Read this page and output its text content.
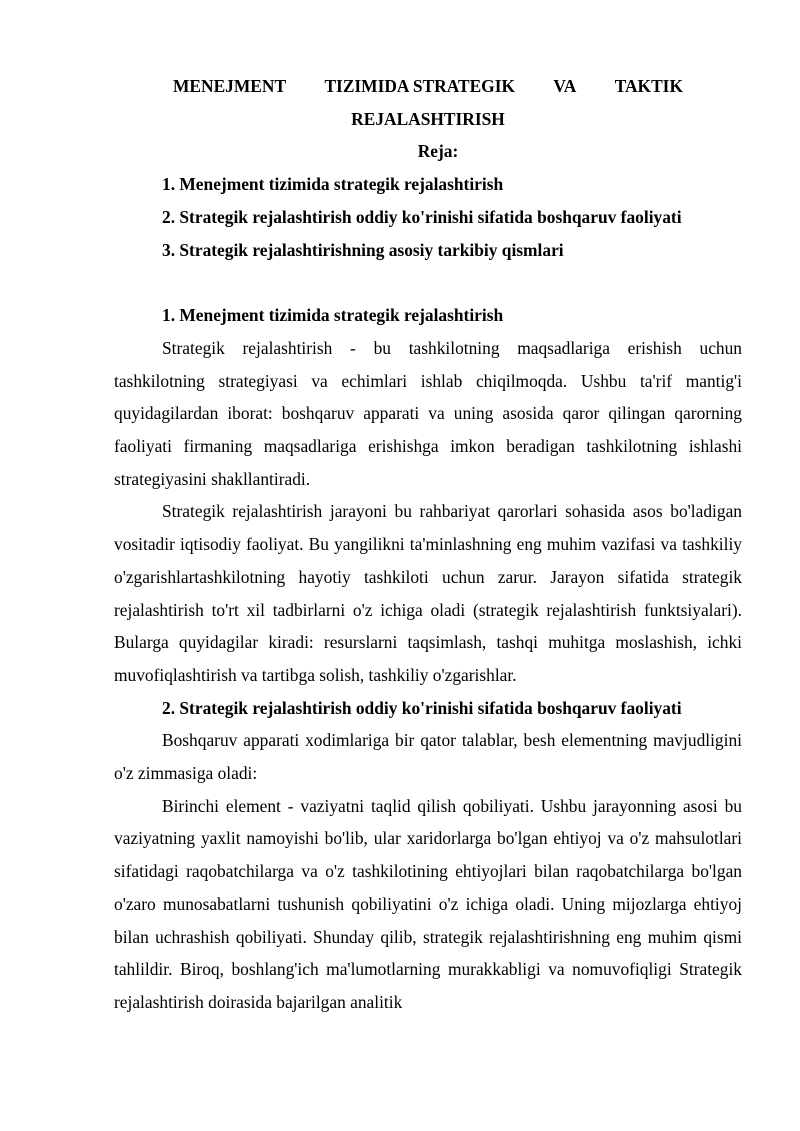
MENEJMENT TIZIMIDA STRATEGIK VA TAKTIK
REJALASHTIRISH

Reja:

1. Menejment tizimida strategik rejalashtirish
2. Strategik rejalashtirish oddiy ko'rinishi sifatida boshqaruv faoliyati
3. Strategik rejalashtirishning asosiy tarkibiy qismlari

1. Menejment tizimida strategik rejalashtirish

Strategik rejalashtirish - bu tashkilotning maqsadlariga erishish uchun tashkilotning strategiyasi va echimlari ishlab chiqilmoqda. Ushbu ta'rif mantig'i quyidagilardan iborat: boshqaruv apparati va uning asosida qaror qilingan qarorning faoliyati firmaning maqsadlariga erishishga imkon beradigan tashkilotning ishlashi strategiyasini shakllantiradi.

Strategik rejalashtirish jarayoni bu rahbariyat qarorlari sohasida asos bo'ladigan vositadir iqtisodiy faoliyat. Bu yangilikni ta'minlashning eng muhim vazifasi va tashkiliy o'zgarishlartashkilotning hayotiy tashkiloti uchun zarur. Jarayon sifatida strategik rejalashtirish to'rt xil tadbirlarni o'z ichiga oladi (strategik rejalashtirish funktsiyalari). Bularga quyidagilar kiradi: resurslarni taqsimlash, tashqi muhitga moslashish, ichki muvofiqlashtirish va tartibga solish, tashkiliy o'zgarishlar.

2. Strategik rejalashtirish oddiy ko'rinishi sifatida boshqaruv faoliyati

Boshqaruv apparati xodimlariga bir qator talablar, besh elementning mavjudligini o'z zimmasiga oladi:

Birinchi element - vaziyatni taqlid qilish qobiliyati. Ushbu jarayonning asosi bu vaziyatning yaxlit namoyishi bo'lib, ular xaridorlarga bo'lgan ehtiyoj va o'z mahsulotlari sifatidagi raqobatchilarga va o'z tashkilotining ehtiyojlari bilan raqobatchilarga bo'lgan o'zaro munosabatlarni tushunish qobiliyatini o'z ichiga oladi. Uning mijozlarga ehtiyoj bilan uchrashish qobiliyati. Shunday qilib, strategik rejalashtirishning eng muhim qismi tahlildir. Biroq, boshlang'ich ma'lumotlarning murakkabligi va nomuvofiqligi Strategik rejalashtirish doirasida bajarilgan analitik
